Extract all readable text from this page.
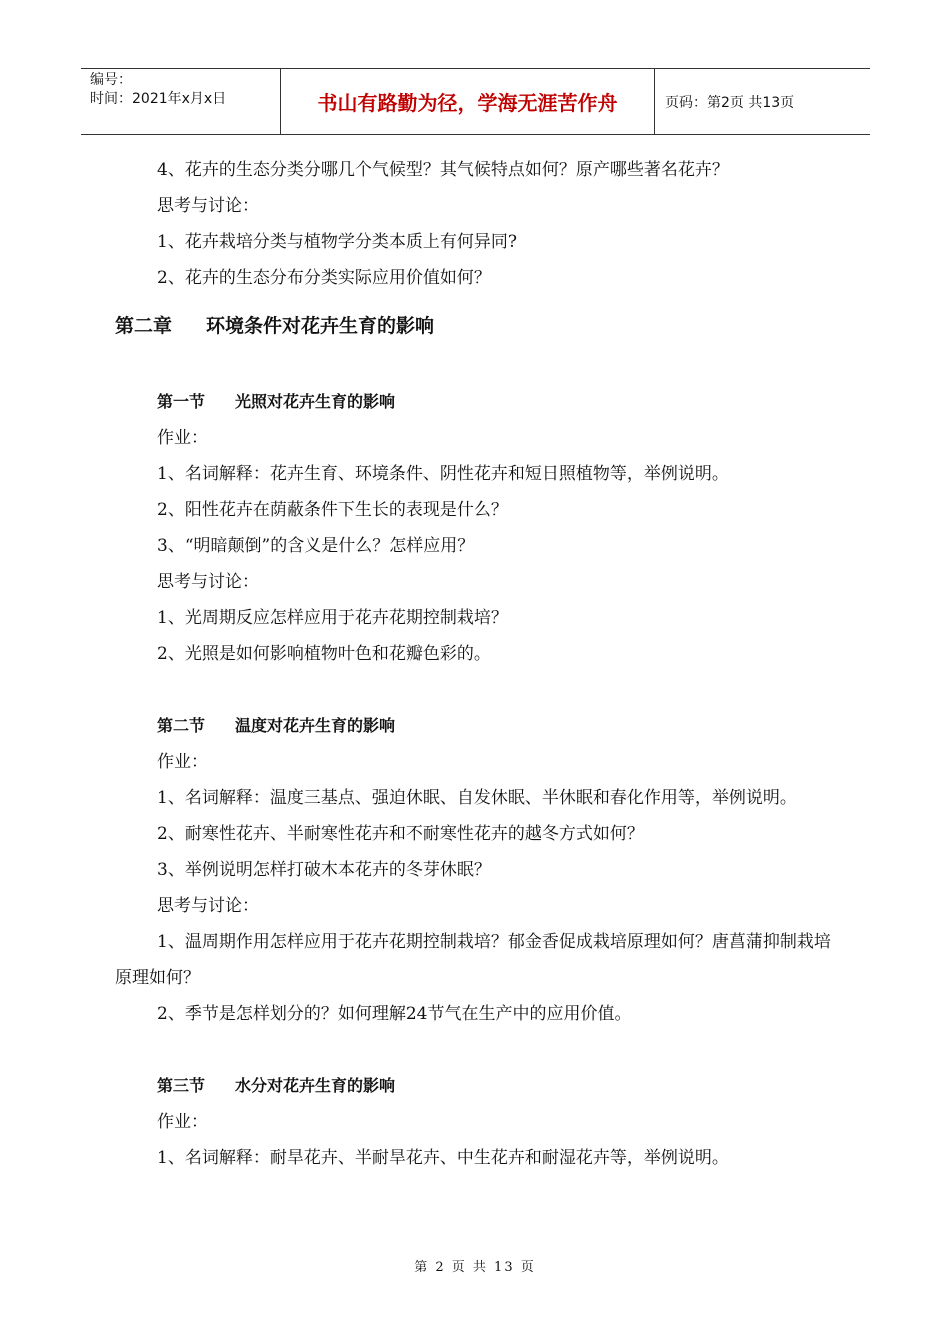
编号：
时间：2021年x月x日	书山有路勤为径，学海无涯苦作舟	页码：第2页 共13页

4、花卉的生态分类分哪几个气候型？其气候特点如何？原产哪些著名花卉？

思考与讨论：

1、花卉栽培分类与植物学分类本质上有何异同?

2、花卉的生态分布分类实际应用价值如何？

第二章 环境条件对花卉生育的影响
第一节 光照对花卉生育的影响

作业：

1、名词解释：花卉生育、环境条件、阴性花卉和短日照植物等，举例说明。

2、阳性花卉在荫蔽条件下生长的表现是什么？

3、“明暗颠倒”的含义是什么？怎样应用？

思考与讨论：

1、光周期反应怎样应用于花卉花期控制栽培？

2、光照是如何影响植物叶色和花瓣色彩的。

第二节 温度对花卉生育的影响

作业：

1、名词解释：温度三基点、强迫休眠、自发休眠、半休眠和春化作用等，举例说明。

2、耐寒性花卉、半耐寒性花卉和不耐寒性花卉的越冬方式如何？

3、举例说明怎样打破木本花卉的冬芽休眠？

思考与讨论：

1、温周期作用怎样应用于花卉花期控制栽培？郁金香促成栽培原理如何？唐菖蒲抑制栽培原理如何？

2、季节是怎样划分的？如何理解24节气在生产中的应用价值。

第三节 水分对花卉生育的影响

作业：

1、名词解释：耐旱花卉、半耐旱花卉、中生花卉和耐湿花卉等，举例说明。

第 2 页 共 13 页
